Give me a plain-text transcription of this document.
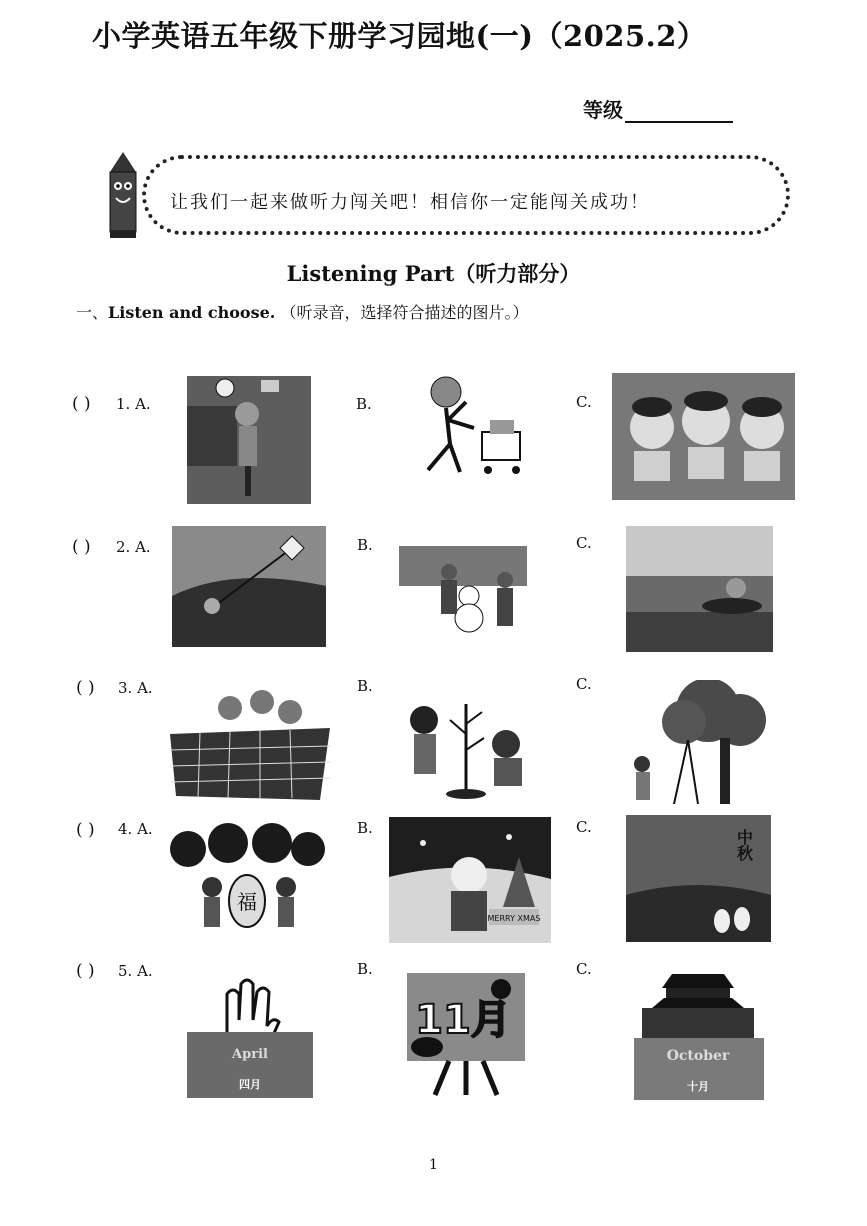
小学英语五年级下册学习园地(一)（2025.2）
等级
让我们一起来做听力闯关吧！相信你一定能闯关成功！
Listening Part（听力部分）
一、Listen and choose. （听录音，选择符合描述的图片。）
( ) 1. A.	B.	C.
( ) 2. A.	B.	C.
( ) 3. A.	B.	C.
( ) 4. A.
福
B.
MERRY XMAS
C.
中秋
( ) 5. A.
April
四月
B.
11月
C.
October
十月
1
